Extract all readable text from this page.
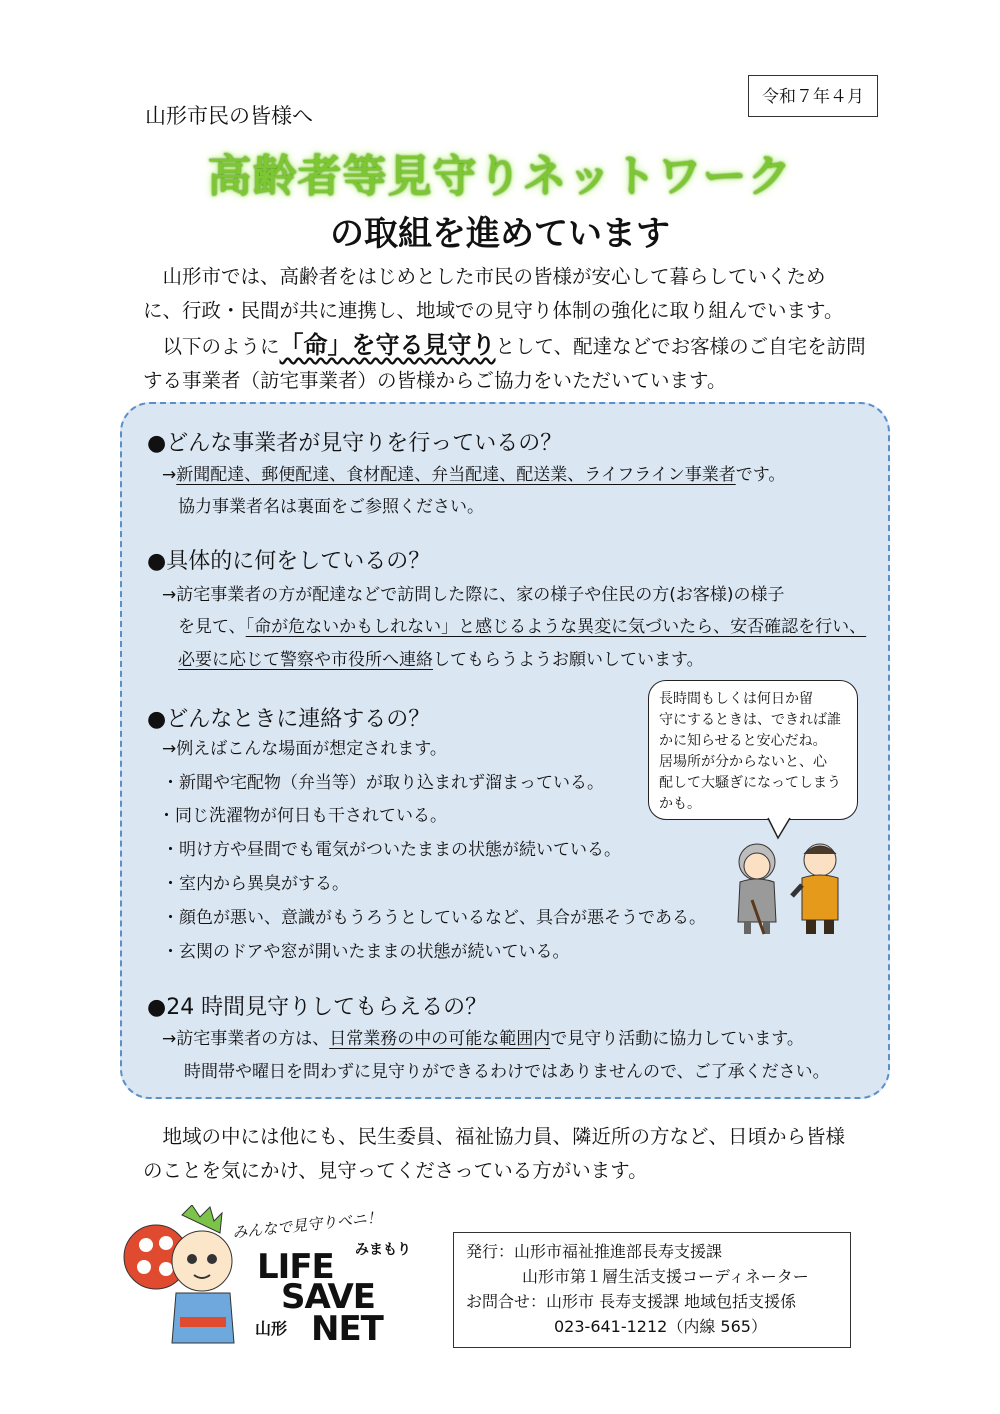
令和７年４月
山形市民の皆様へ
高齢者等見守りネットワーク
の取組を進めています
山形市では、高齢者をはじめとした市民の皆様が安心して暮らしていくため
に、行政・民間が共に連携し、地域での見守り体制の強化に取り組んでいます。
以下のように「命」を守る見守りとして、配達などでお客様のご自宅を訪問
する事業者（訪宅事業者）の皆様からご協力をいただいています。
●どんな事業者が見守りを行っているの？
→新聞配達、郵便配達、食材配達、弁当配達、配送業、ライフライン事業者です。
協力事業者名は裏面をご参照ください。
●具体的に何をしているの？
→訪宅事業者の方が配達などで訪問した際に、家の様子や住民の方(お客様)の様子
を見て、「命が危ないかもしれない」と感じるような異変に気づいたら、安否確認を行い、
必要に応じて警察や市役所へ連絡してもらうようお願いしています。
●どんなときに連絡するの？
→例えばこんな場面が想定されます。
・新聞や宅配物（弁当等）が取り込まれず溜まっている。
・同じ洗濯物が何日も干されている。
・明け方や昼間でも電気がついたままの状態が続いている。
・室内から異臭がする。
・顔色が悪い、意識がもうろうとしているなど、具合が悪そうである。
・玄関のドアや窓が開いたままの状態が続いている。
●24 時間見守りしてもらえるの？
→訪宅事業者の方は、日常業務の中の可能な範囲内で見守り活動に協力しています。
時間帯や曜日を問わずに見守りができるわけではありませんので、ご了承ください。
長時間もしくは何日か留
守にするときは、できれば誰
かに知らせると安心だね。
居場所が分からないと、心
配して大騒ぎになってしまう
かも。
地域の中には他にも、民生委員、福祉協力員、隣近所の方など、日頃から皆様
のことを気にかけ、見守ってくださっている方がいます。
みんなで見守りべニ！
LIFE みまもり
SAVE
山形 NET
発行：山形市福祉推進部長寿支援課
山形市第１層生活支援コーディネーター
お問合せ：山形市 長寿支援課 地域包括支援係
023-641-1212（内線 565）
